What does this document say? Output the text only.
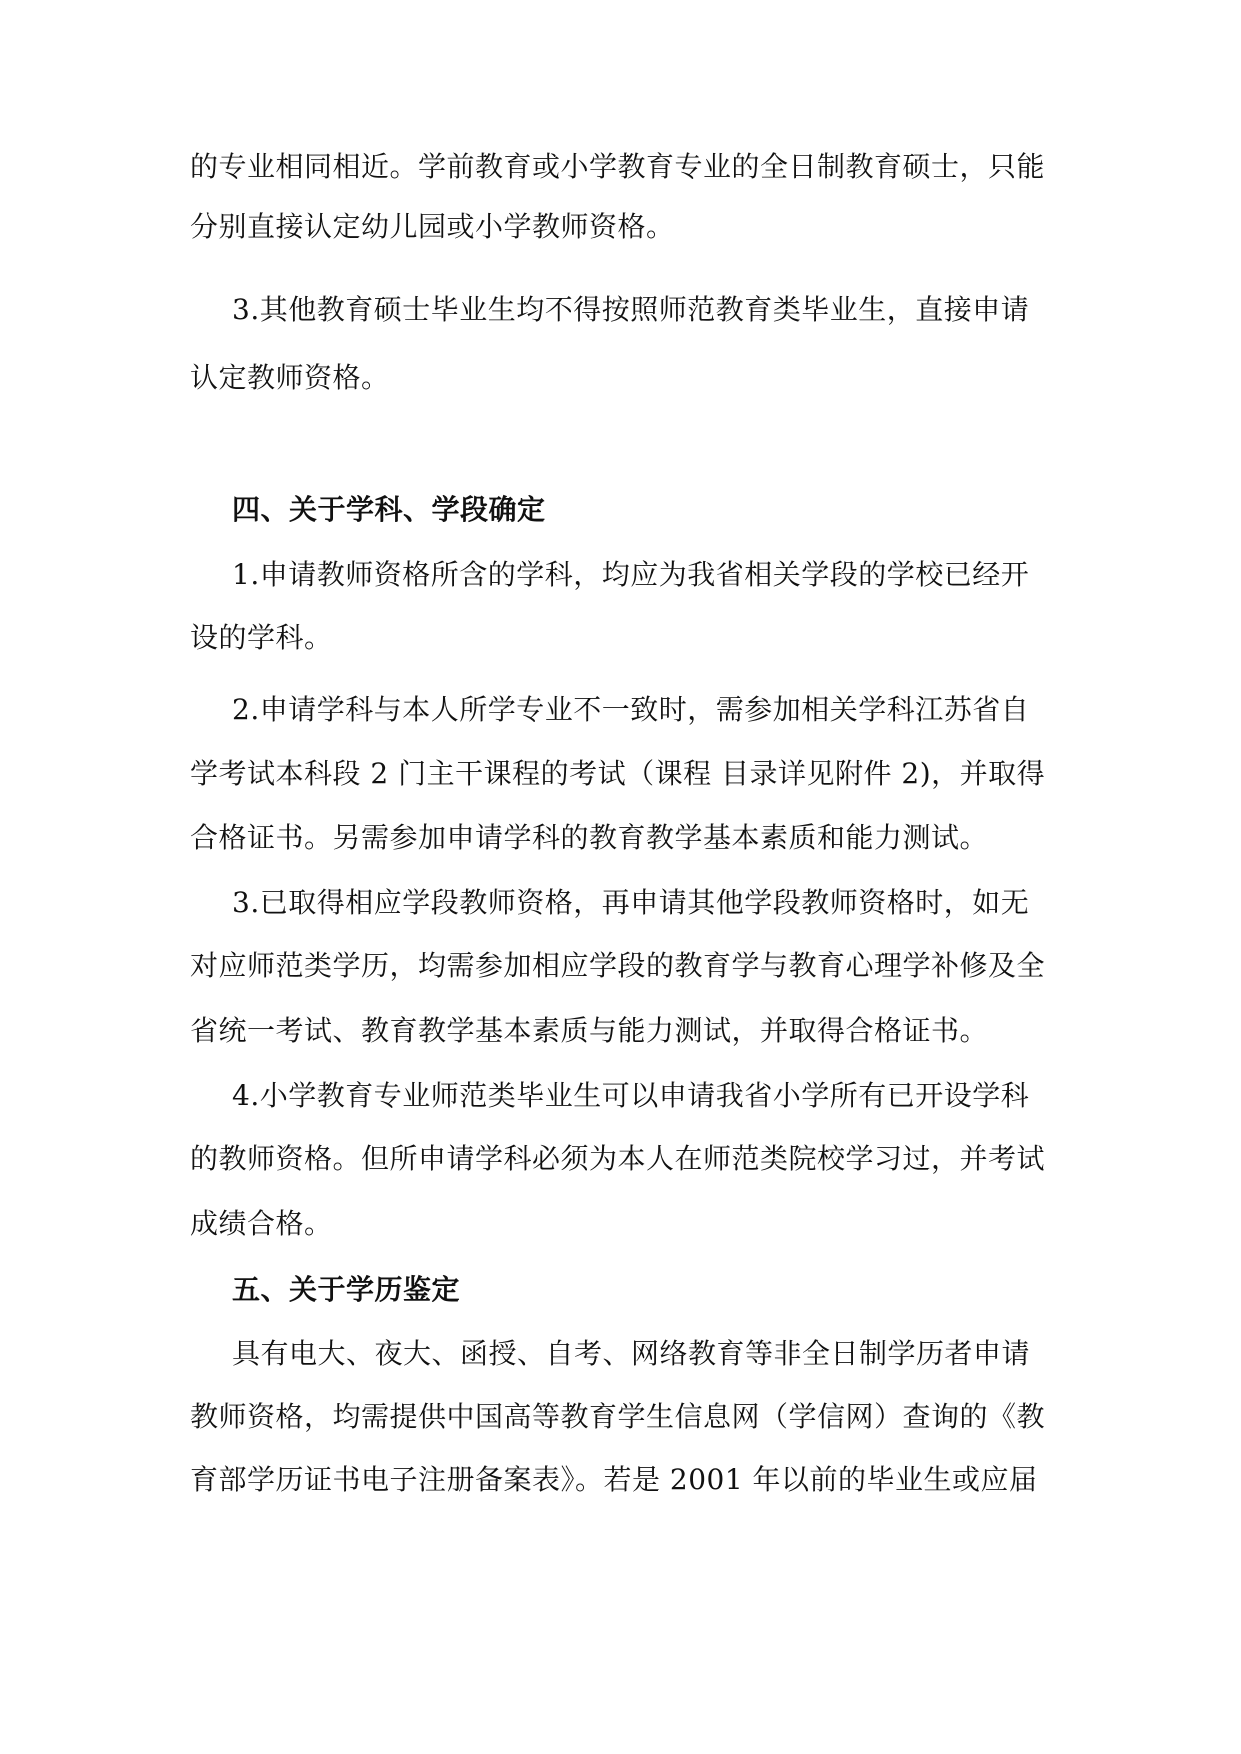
的专业相同相近。学前教育或小学教育专业的全日制教育硕士，只能
分别直接认定幼儿园或小学教师资格。
3.其他教育硕士毕业生均不得按照师范教育类毕业生，直接申请
认定教师资格。
四、关于学科、学段确定
1.申请教师资格所含的学科，均应为我省相关学段的学校已经开
设的学科。
2.申请学科与本人所学专业不一致时，需参加相关学科江苏省自
学考试本科段 2 门主干课程的考试（课程 目录详见附件 2)，并取得
合格证书。另需参加申请学科的教育教学基本素质和能力测试。
3.已取得相应学段教师资格，再申请其他学段教师资格时，如无
对应师范类学历，均需参加相应学段的教育学与教育心理学补修及全
省统一考试、教育教学基本素质与能力测试，并取得合格证书。
4.小学教育专业师范类毕业生可以申请我省小学所有已开设学科
的教师资格。但所申请学科必须为本人在师范类院校学习过，并考试
成绩合格。
五、关于学历鉴定
具有电大、夜大、函授、自考、网络教育等非全日制学历者申请
教师资格，均需提供中国高等教育学生信息网（学信网）查询的《教
育部学历证书电子注册备案表》。若是 2001 年以前的毕业生或应届
